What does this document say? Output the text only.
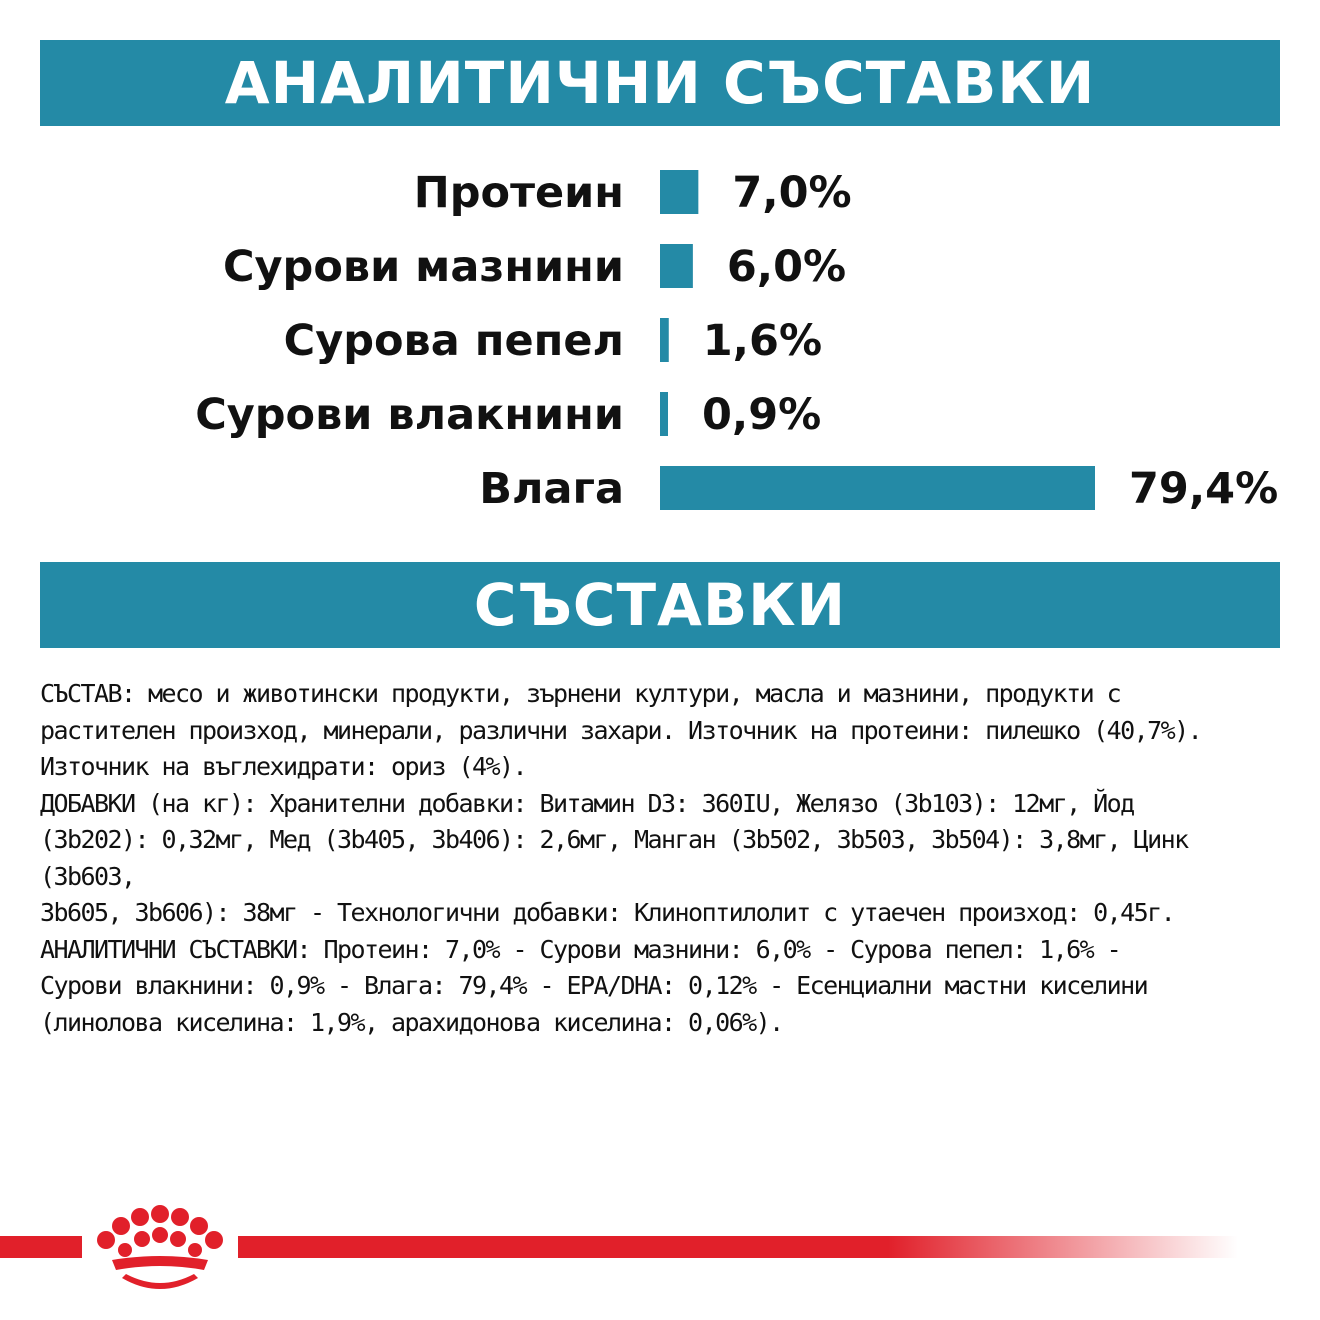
АНАЛИТИЧНИ СЪСТАВКИ
Протеин	7,0%
Сурови мазнини 6,0%
Сурова пепел 1,6%
Сурови влакнини 0,9%
Влага	79,4%
СЪСТАВКИ

СЪСТАВ: месо и животински продукти, зърнени култури, масла и мазнини, продукти с

растителен произход, минерали, различни захари. Източник на протеини: пилешко (40,7%).

Източник на въглехидрати: ориз (4%).

ДОБАВКИ (на кг): Хранителни добавки: Витамин D3: 360IU, Желязо (3b103): 12мг, Йод

(3b202): 0,32мг, Мед (3b405, 3b406): 2,6мг, Манган (3b502, 3b503, 3b504): 3,8мг, Цинк (3b603,

3b605, 3b606): 38мг - Технологични добавки: Клиноптилолит с утаечен произход: 0,45г.

АНАЛИТИЧНИ СЪСТАВКИ: Протеин: 7,0% - Сурови мазнини: 6,0% - Сурова пепел: 1,6% -

Сурови влакнини: 0,9% - Влага: 79,4% - EPA/DHA: 0,12% - Есенциални мастни киселини

(линолова киселина: 1,9%, арахидонова киселина: 0,06%).
